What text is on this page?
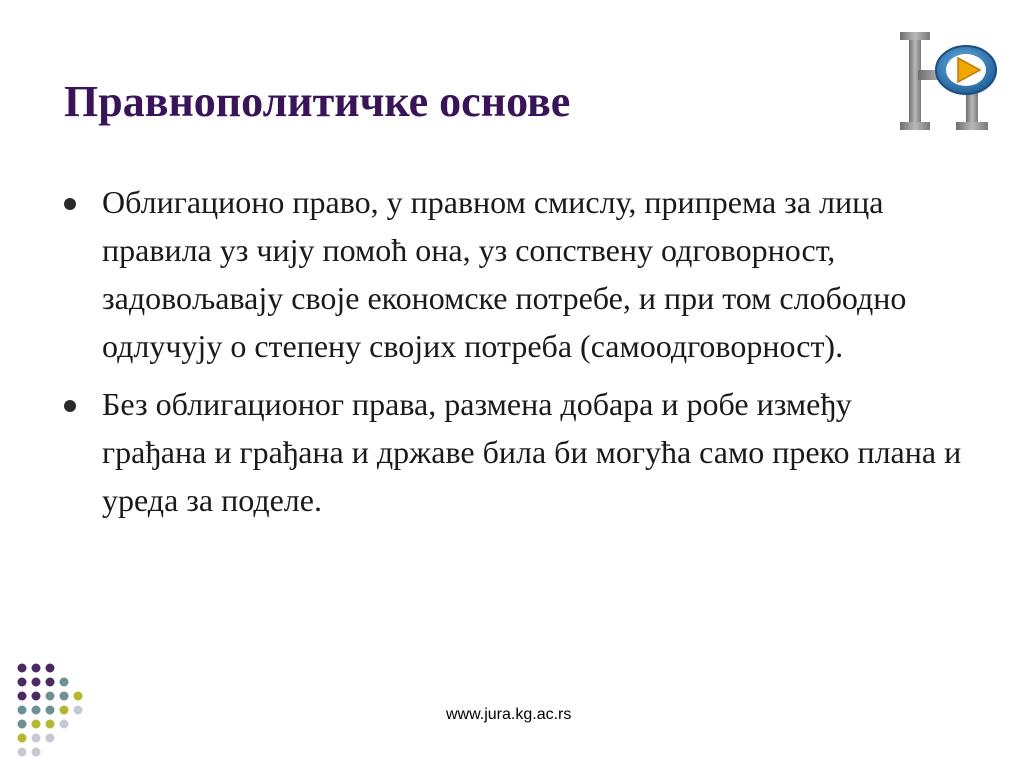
Правнополитичке основе
Облигационо право, у правном смислу, припрема за лица правила уз чију помоћ она, уз сопствену одговорност, задовољавају своје економске потребе, и при том слободно одлучују о степену својих потреба (самоодговорност).
Без облигационог права, размена добара и робе између грађана и грађана и државе била би могућа само преко плана и уреда за поделе.
www.jura.kg.ac.rs
